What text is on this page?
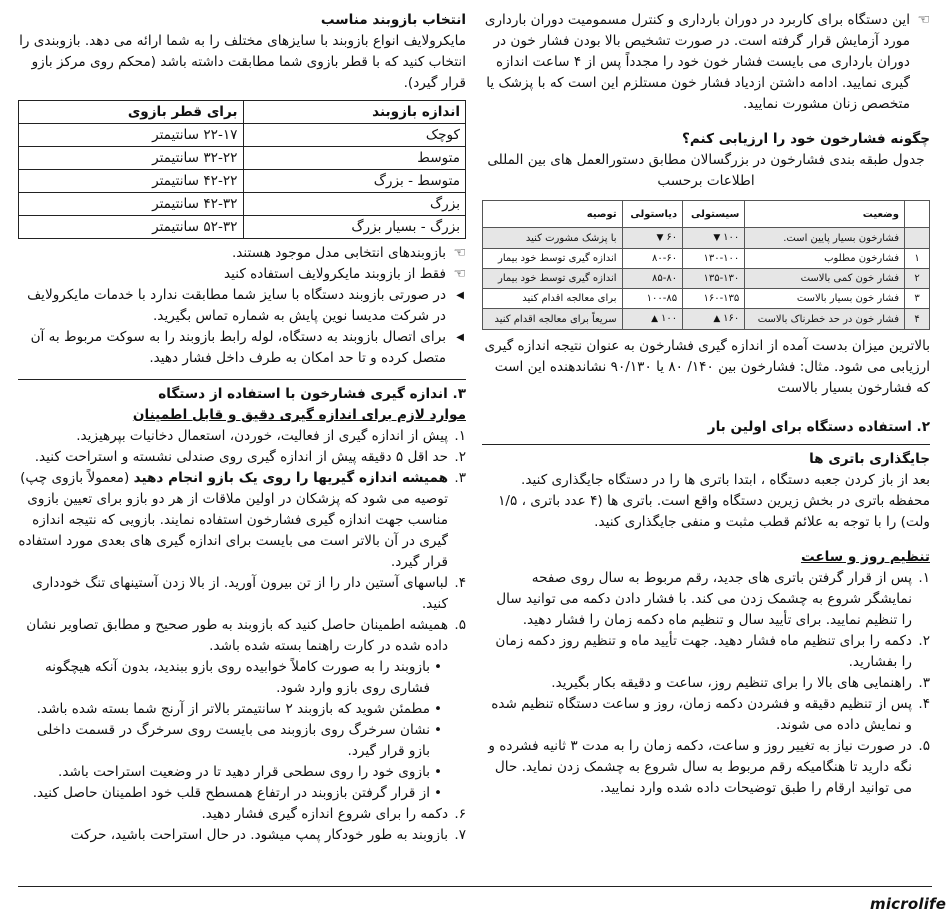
☜
این دستگاه برای کاربرد در دوران بارداری و کنترل مسمومیت دوران بارداری مورد آزمایش قرار گرفته است. در صورت تشخیص بالا بودن فشار خون در دوران بارداری می بایست فشار خون خود را مجدداً پس از ۴ ساعت اندازه گیری نمایید. ادامه داشتن ازدیاد فشار خون مستلزم این است که با پزشک یا متخصص زنان مشورت نمایید.

چگونه فشارخون خود را ارزیابی کنم؟

جدول طبقه بندی فشارخون در بزرگسالان مطابق دستورالعمل های بین المللی اطلاعات برحسب

	وضعیت	سیستولی	دیاستولی	توصیه
	فشارخون بسیار پایین است.	۱۰۰ ▼	۶۰ ▼	با پزشک مشورت کنید
۱	فشارخون مطلوب	۱۳۰-۱۰۰	۸۰-۶۰	اندازه گیری توسط خود بیمار
۲	فشار خون کمی بالاست	۱۳۵-۱۳۰	۸۵-۸۰	اندازه گیری توسط خود بیمار
۳	فشار خون بسیار بالاست	۱۶۰-۱۳۵	۱۰۰-۸۵	برای معالجه اقدام کنید
۴	فشار خون در حد خطرناک بالاست	۱۶۰ ▲	۱۰۰ ▲	سریعاً برای معالجه اقدام کنید

بالاترین میزان بدست آمده از اندازه گیری فشارخون به عنوان نتیجه اندازه گیری ارزیابی می شود. مثال: فشارخون بین ۱۴۰/ ۸۰ یا ۹۰/۱۳۰ نشاندهنده این است که فشارخون بسیار بالاست

۲. استفاده دستگاه برای اولین بار

جایگذاری باتری ها

بعد از باز کردن جعبه دستگاه ، ابتدا باتری ها را در دستگاه جایگذاری کنید. محفظه باتری در بخش زیرین دستگاه واقع است. باتری ها (۴ عدد باتری ، ۱/۵ ولت) را با توجه به علائم قطب مثبت و منفی جایگذاری کنید.

تنظیم روز و ساعت

۱.
پس از قرار گرفتن باتری های جدید، رقم مربوط به سال روی صفحه نمایشگر شروع به چشمک زدن می کند. با فشار دادن دکمه می توانید سال را تنظیم نمایید. برای تأیید سال و تنظیم ماه دکمه زمان را فشار دهید.
۲.
دکمه را برای تنظیم ماه فشار دهید. جهت تأیید ماه و تنظیم روز دکمه زمان را بفشارید.
۳.
راهنمایی های بالا را برای تنظیم روز، ساعت و دقیقه بکار بگیرید.
۴.
پس از تنظیم دقیقه و فشردن دکمه زمان، روز و ساعت دستگاه تنظیم شده و نمایش داده می شوند.
۵.
در صورت نیاز به تغییر روز و ساعت، دکمه زمان را به مدت ۳ ثانیه فشرده و نگه دارید تا هنگامیکه رقم مربوط به سال شروع به چشمک زدن نماید. حال می توانید ارقام را طبق توضیحات داده شده وارد نمایید.
انتخاب بازوبند مناسب

مایکرولایف انواع بازوبند با سایزهای مختلف را به شما ارائه می دهد. بازوبندی را انتخاب کنید که با قطر بازوی شما مطابقت داشته باشد (محکم روی مرکز بازو قرار گیرد).

اندازه بازوبند	برای قطر بازوی
کوچک	۲۲-۱۷ سانتیمتر
متوسط	۳۲-۲۲ سانتیمتر
متوسط - بزرگ	۴۲-۲۲ سانتیمتر
بزرگ	۴۲-۳۲ سانتیمتر
بزرگ - بسیار بزرگ	۵۲-۳۲ سانتیمتر

☜
بازوبندهای انتخابی مدل موجود هستند.

☜
فقط از بازوبند مایکرولایف استفاده کنید

◀
در صورتی بازوبند دستگاه با سایز شما مطابقت ندارد با خدمات مایکرولایف در شرکت مدیسا نوین پایش به شماره تماس بگیرید.

◀
برای اتصال بازوبند به دستگاه، لوله رابط بازوبند را به سوکت مربوط به آن متصل کرده و تا حد امکان به طرف داخل فشار دهید.

۳. اندازه گیری فشارخون با استفاده از دستگاه

موارد لازم برای اندازه گیری دقیق و قابل اطمینان

۱.
پیش از اندازه گیری از فعالیت، خوردن، استعمال دخانیات بپرهیزید.
۲.
حد اقل ۵ دقیقه پیش از اندازه گیری روی صندلی نشسته و استراحت کنید.
۳.
همیشه اندازه گیریها را روی یک بازو انجام دهید (معمولاً بازوی چپ) توصیه می شود که پزشکان در اولین ملاقات از هر دو بازو برای تعیین بازوی مناسب جهت اندازه گیری فشارخون استفاده نمایند. بازویی که نتیجه اندازه گیری در آن بالاتر است می بایست برای اندازه گیری های بعدی مورد استفاده قرار گیرد.
۴.
لباسهای آستین دار را از تن بیرون آورید. از بالا زدن آستینهای تنگ خودداری کنید.
۵.
همیشه اطمینان حاصل کنید که بازوبند به طور صحیح و مطابق تصاویر نشان داده شده در کارت راهنما بسته شده باشد.
• بازوبند را به صورت کاملاً خوابیده روی بازو ببندید، بدون آنکه هیچگونه فشاری روی بازو وارد شود.
• مطمئن شوید که بازوبند ۲ سانتیمتر بالاتر از آرنج شما بسته شده باشد.
• نشان سرخرگ روی بازوبند می بایست روی سرخرگ در قسمت داخلی بازو قرار گیرد.
• بازوی خود را روی سطحی قرار دهید تا در وضعیت استراحت باشد.
• از قرار گرفتن بازوبند در ارتفاع همسطح قلب خود اطمینان حاصل کنید.
۶.
دکمه را برای شروع اندازه گیری فشار دهید.
۷.
بازوبند به طور خودکار پمپ میشود. در حال استراحت باشید، حرکت
microlife
